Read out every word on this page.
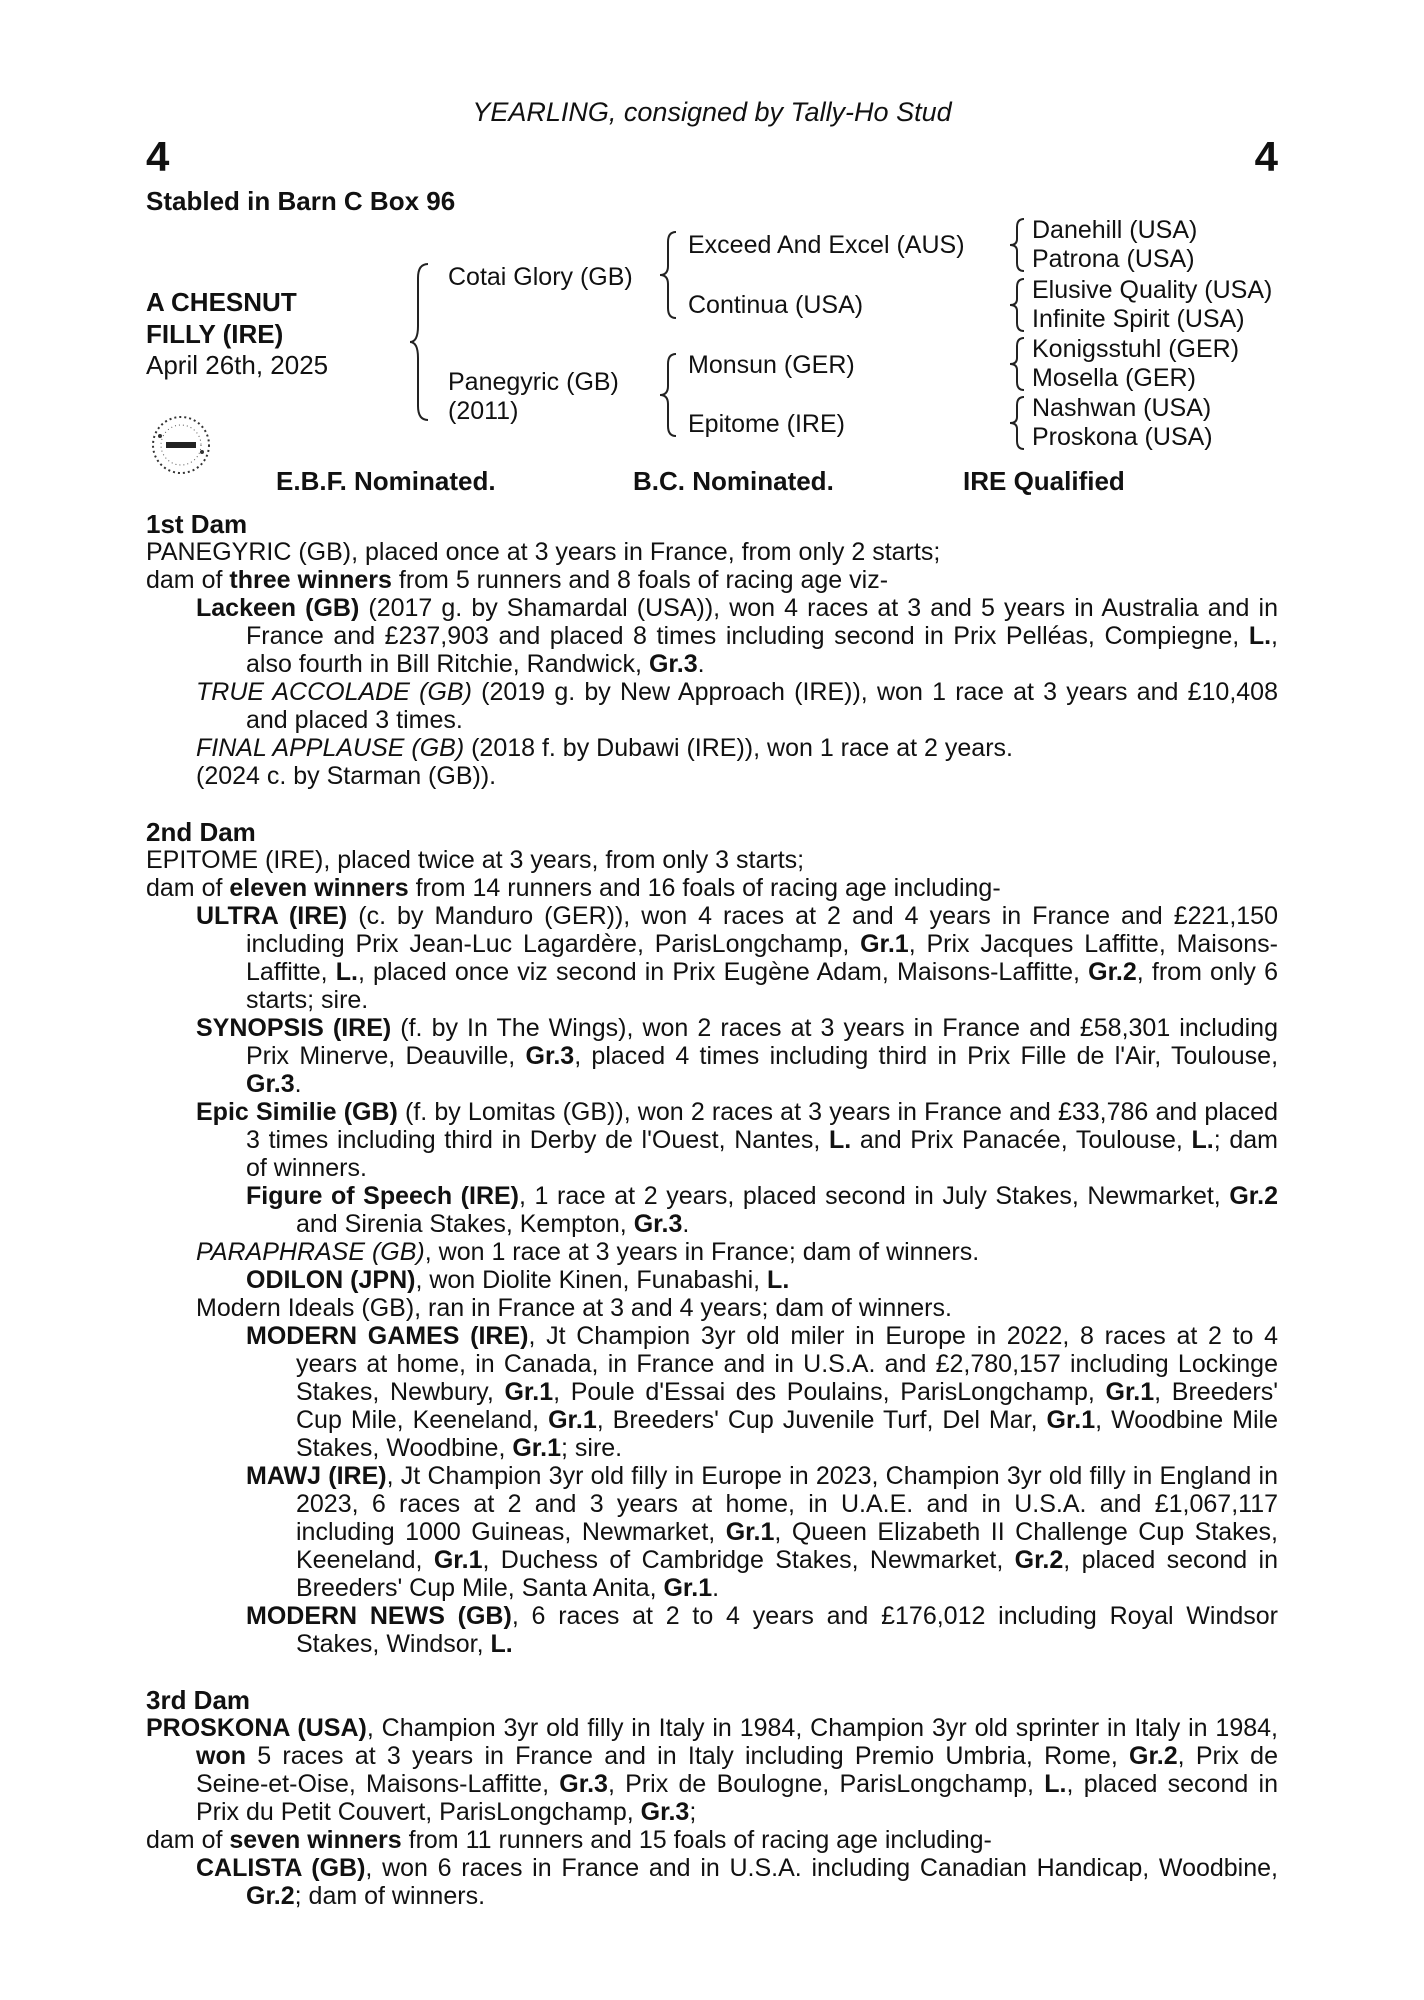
YEARLING, consigned by Tally-Ho Stud
4	4
Stabled in Barn C Box 96
A CHESNUT
FILLY (IRE)
April 26th, 2025
Cotai Glory (GB)
Panegyric (GB)
(2011)
Exceed And Excel (AUS)
Continua (USA)
Monsun (GER)
Epitome (IRE)
Danehill (USA)
Patrona (USA)
Elusive Quality (USA)
Infinite Spirit (USA)
Konigsstuhl (GER)
Mosella (GER)
Nashwan (USA)
Proskona (USA)
E.B.F. Nominated.	B.C. Nominated.	IRE Qualified
1st Dam
PANEGYRIC (GB), placed once at 3 years in France, from only 2 starts;
dam of three winners from 5 runners and 8 foals of racing age viz-
Lackeen (GB) (2017 g. by Shamardal (USA)), won 4 races at 3 and 5 years in Australia and in France and £237,903 and placed 8 times including second in Prix Pelléas, Compiegne, L., also fourth in Bill Ritchie, Randwick, Gr.3.
TRUE ACCOLADE (GB) (2019 g. by New Approach (IRE)), won 1 race at 3 years and £10,408 and placed 3 times.
FINAL APPLAUSE (GB) (2018 f. by Dubawi (IRE)), won 1 race at 2 years.
(2024 c. by Starman (GB)).
2nd Dam
EPITOME (IRE), placed twice at 3 years, from only 3 starts;
dam of eleven winners from 14 runners and 16 foals of racing age including-
ULTRA (IRE) (c. by Manduro (GER)), won 4 races at 2 and 4 years in France and £221,150 including Prix Jean-Luc Lagardère, ParisLongchamp, Gr.1, Prix Jacques Laffitte, Maisons-Laffitte, L., placed once viz second in Prix Eugène Adam, Maisons-Laffitte, Gr.2, from only 6 starts; sire.
SYNOPSIS (IRE) (f. by In The Wings), won 2 races at 3 years in France and £58,301 including Prix Minerve, Deauville, Gr.3, placed 4 times including third in Prix Fille de l'Air, Toulouse, Gr.3.
Epic Similie (GB) (f. by Lomitas (GB)), won 2 races at 3 years in France and £33,786 and placed 3 times including third in Derby de l'Ouest, Nantes, L. and Prix Panacée, Toulouse, L.; dam of winners.
Figure of Speech (IRE), 1 race at 2 years, placed second in July Stakes, Newmarket, Gr.2 and Sirenia Stakes, Kempton, Gr.3.
PARAPHRASE (GB), won 1 race at 3 years in France; dam of winners.
ODILON (JPN), won Diolite Kinen, Funabashi, L.
Modern Ideals (GB), ran in France at 3 and 4 years; dam of winners.
MODERN GAMES (IRE), Jt Champion 3yr old miler in Europe in 2022, 8 races at 2 to 4 years at home, in Canada, in France and in U.S.A. and £2,780,157 including Lockinge Stakes, Newbury, Gr.1, Poule d'Essai des Poulains, ParisLongchamp, Gr.1, Breeders' Cup Mile, Keeneland, Gr.1, Breeders' Cup Juvenile Turf, Del Mar, Gr.1, Woodbine Mile Stakes, Woodbine, Gr.1; sire.
MAWJ (IRE), Jt Champion 3yr old filly in Europe in 2023, Champion 3yr old filly in England in 2023, 6 races at 2 and 3 years at home, in U.A.E. and in U.S.A. and £1,067,117 including 1000 Guineas, Newmarket, Gr.1, Queen Elizabeth II Challenge Cup Stakes, Keeneland, Gr.1, Duchess of Cambridge Stakes, Newmarket, Gr.2, placed second in Breeders' Cup Mile, Santa Anita, Gr.1.
MODERN NEWS (GB), 6 races at 2 to 4 years and £176,012 including Royal Windsor Stakes, Windsor, L.
3rd Dam
PROSKONA (USA), Champion 3yr old filly in Italy in 1984, Champion 3yr old sprinter in Italy in 1984, won 5 races at 3 years in France and in Italy including Premio Umbria, Rome, Gr.2, Prix de Seine-et-Oise, Maisons-Laffitte, Gr.3, Prix de Boulogne, ParisLongchamp, L., placed second in Prix du Petit Couvert, ParisLongchamp, Gr.3;
dam of seven winners from 11 runners and 15 foals of racing age including-
CALISTA (GB), won 6 races in France and in U.S.A. including Canadian Handicap, Woodbine, Gr.2; dam of winners.
